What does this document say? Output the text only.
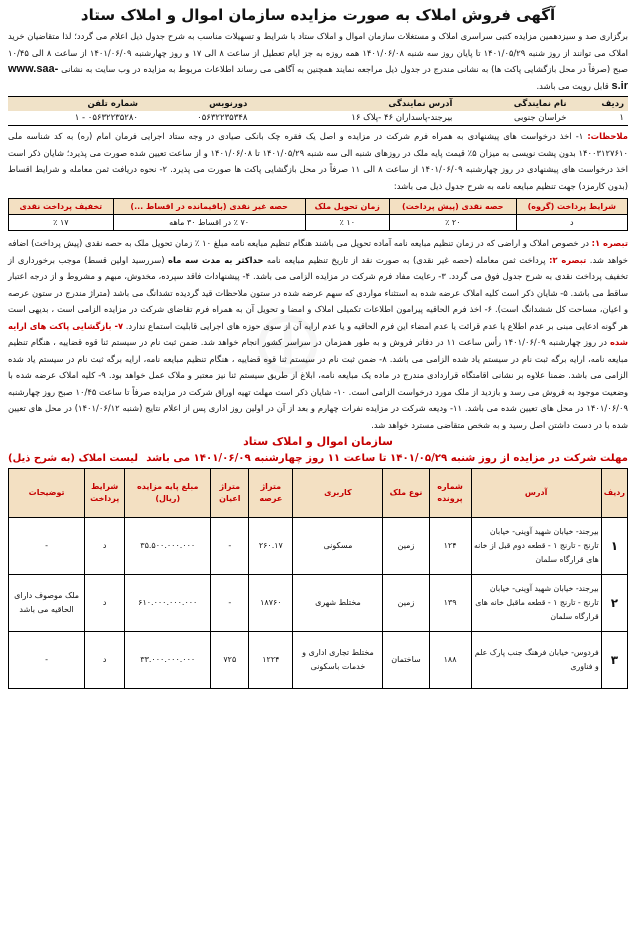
آگهی فروش املاک به صورت مزایده سازمان اموال و املاک ستاد

برگزاری صد و سیزدهمین مزایده کتبی سراسری املاک و مستغلات سازمان اموال و املاک ستاد با شرایط و تسهیلات مناسب به شرح جدول ذیل اعلام می گردد؛ لذا متقاضیان خرید املاک می توانند از روز شنبه ۱۴۰۱/۰۵/۲۹ تا پایان روز سه شنبه ۱۴۰۱/۰۶/۰۸ همه روزه به جز ایام تعطیل از ساعت ۸ الی ۱۷ و روز چهارشنبه ۱۴۰۱/۰۶/۰۹ از ساعت ۸ الی ۱۰/۴۵ صبح (صرفاً در محل بازگشایی پاکت ها) به نشانی مندرج در جدول ذیل مراجعه نمایند همچنین به آگاهی می رساند اطلاعات مربوط به مزایده در وب سایت به نشانی www.saa-s.ir قابل رویت می باشد.

ردیف	نام نمایندگی	آدرس نمایندگی	دورنویس	شماره تلفن
۱	خراسان جنوبی	بیرجند-پاسداران ۴۶ -پلاک ۱۶	۰۵۶۳۲۲۳۵۳۴۸	۰۵۶۳۲۲۳۵۲۸۰ - ۱

ملاحظات: ۱- اخذ درخواست های پیشنهادی به همراه فرم شرکت در مزایده و اصل یک فقره چک بانکی صیادی در وجه ستاد اجرایی فرمان امام (ره) به کد شناسه ملی ۱۴۰۰۳۱۲۷۶۱۰ بدون پشت نویسی به میزان ۵٪ قیمت پایه ملک در روزهای شنبه الی سه شنبه ۱۴۰۱/۰۵/۲۹ تا ۱۴۰۱/۰۶/۰۸ و از ساعت تعیین شده صورت می پذیرد؛ شایان ذکر است اخذ درخواست های پیشنهادی در روز چهارشنبه ۱۴۰۱/۰۶/۰۹ از ساعت ۸ الی ۱۱ صرفاً در محل بازگشایی پاکت ها صورت می پذیرد. ۲- نحوه دریافت ثمن معامله و شرایط اقساط (بدون کارمزد) جهت تنظیم مبایعه نامه به شرح جدول ذیل می باشد:

شرایط پرداخت (گروه)	حصه نقدی (پیش پرداخت)	زمان تحویل ملک	حصه غیر نقدی (باقیمانده در اقساط ...)	تخفیف پرداخت نقدی
د	۲۰ ٪	۱۰ ٪	۷۰ ٪ در اقساط ۳۰ ماهه	۱۷ ٪

تبصره ۱: در خصوص املاک و اراضی که در زمان تنظیم مبایعه نامه آماده تحویل می باشند هنگام تنظیم مبایعه نامه مبلغ ۱۰ ٪ زمان تحویل ملک به حصه نقدی (پیش پرداخت) اضافه خواهد شد. تبصره ۲: پرداخت ثمن معامله (حصه غیر نقدی) به صورت نقد از تاریخ تنظیم مبایعه نامه حداکثر به مدت سه ماه (سررسید اولین قسط) موجب برخورداری از تخفیف پرداخت نقدی به شرح جدول فوق می گردد. ۳- رعایت مفاد فرم شرکت در مزایده الزامی می باشد. ۴- پیشنهادات فاقد سپرده، مخدوش، مبهم و مشروط و از درجه اعتبار ساقط می باشد. ۵- شایان ذکر است کلیه املاک عرضه شده به استثناء مواردی که سهم عرضه شده در ستون ملاحظات قید گردیده تشدانگ می باشد (متراژ مندرج در ستون عرصه و اعیان، مساحت کل ششدانگ است). ۶- اخذ فرم الحاقیه پیرامون اطلاعات تکمیلی املاک و امضا و تحویل آن به همراه فرم تقاضای شرکت در مزایده الزامی است ، بدیهی است هر گونه ادعایی مبنی بر عدم اطلاع یا عدم قرائت یا عدم امضاء این فرم الحاقیه و یا عدم ارایه آن از سوی حوزه های اجرایی قابلیت استماع ندارد. ۷- بازگشایی پاکت های ارایه شده در روز چهارشنبه ۱۴۰۱/۰۶/۰۹ رأس ساعت ۱۱ در دفاتر فروش و به طور همزمان در سراسر کشور انجام خواهد شد. ضمن ثبت نام در سیستم ثنا قوه قضاییه ، هنگام تنظیم مبایعه نامه، ارایه برگه ثبت نام در سیستم یاد شده الزامی می باشد. ۸- ضمن ثبت نام در سیستم ثنا قوه قضاییه ، هنگام تنظیم مبایعه نامه، ارایه برگه ثبت نام در سیستم یاد شده الزامی می باشد. ضمنا علاوه بر نشانی اقامتگاه قراردادی مندرج در ماده یک مبایعه نامه، ابلاغ از طریق سیستم ثنا نیز معتبر و ملاک عمل خواهد بود. ۹- کلیه املاک عرضه شده با وضعیت موجود به فروش می رسد و بازدید از ملک مورد درخواست الزامی است. ۱۰- شایان ذکر است مهلت تهیه اوراق شرکت در مزایده صرفاً تا ساعت ۱۰/۴۵ صبح روز چهارشنبه ۱۴۰۱/۰۶/۰۹ در محل های تعیین شده می باشد. ۱۱- ودیعه شرکت در مزایده نفرات چهارم و بعد از آن در اولین روز اداری پس از اعلام نتایج (شنبه ۱۴۰۱/۰۶/۱۲) در محل های تعیین شده با در دست داشتن اصل رسید و به شخص متقاضی مسترد خواهد شد.

سازمان اموال و املاک ستاد
مهلت شرکت در مزایده از روز شنبه ۱۴۰۱/۰۵/۲۹ تا ساعت ۱۱ روز چهارشنبه ۱۴۰۱/۰۶/۰۹ می باشد
لیست املاک (به شرح ذیل)
ردیف	آدرس	شماره پرونده	نوع ملک	کاربری	متراژ عرصه	متراژ اعیان	مبلغ پایه مزایده (ریال)	شرایط پرداخت	توضیحات
۱	بیرجند- خیابان شهید آوینی- خیابان تارنج - تارنج ۱ - قطعه دوم قبل از خانه های قرارگاه سلمان	۱۲۴	زمین	مسکونی	۲۶۰.۱۷	-	۳۵.۵۰۰.۰۰۰.۰۰۰	د	-
۲	بیرجند- خیابان شهید آوینی- خیابان تارنج - تارنج ۱ - قطعه ماقبل خانه های قرارگاه سلمان	۱۳۹	زمین	مختلط شهری	۱۸۷۶۰	-	۶۱۰.۰۰۰.۰۰۰.۰۰۰	د	ملک موصوف دارای الحاقیه می باشد
۳	فردوس- خیابان فرهنگ جنب پارک علم و فناوری	۱۸۸	ساختمان	مختلط تجاری اداری و خدمات باسکونی	۱۲۲۴	۷۲۵	۳۳.۰۰۰.۰۰۰.۰۰۰	د	-
